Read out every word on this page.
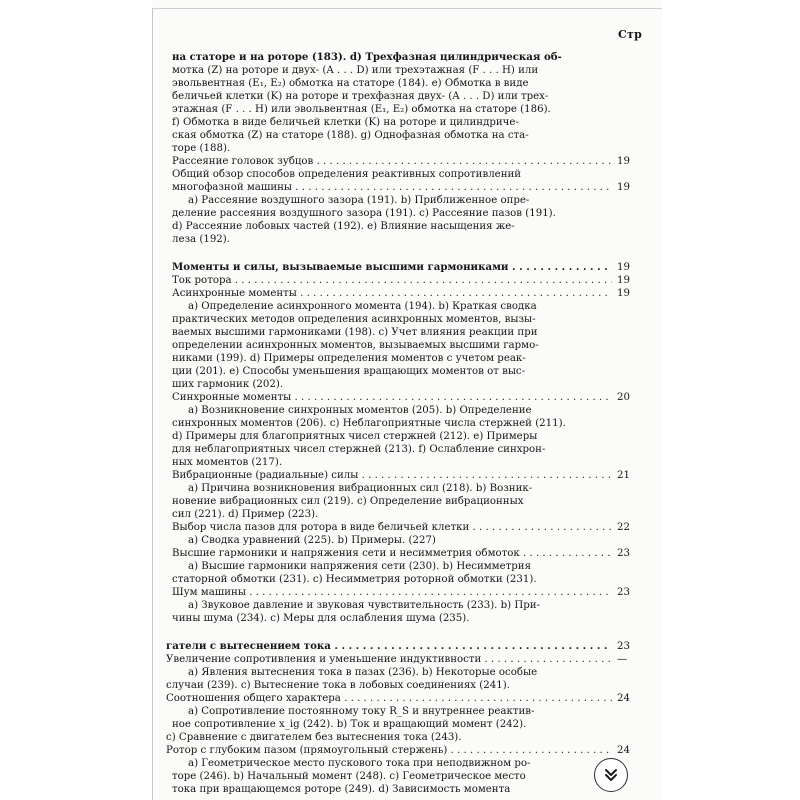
Стр
на статоре и на роторе (183). d) Трехфазная цилиндрическая об-
мотка (Z) на роторе и двух- (A . . . D) или трехэтажная (F . . . H) или
эвольвентная (E₁, E₂) обмотка на статоре (184). e) Обмотка в виде
беличьей клетки (K) на роторе и трехфазная двух- (A . . . D) или трех-
этажная (F . . . H) или эвольвентная (E₁, E₂) обмотка на статоре (186).
f) Обмотка в виде беличьей клетки (K) на роторе и цилиндриче-
ская обмотка (Z) на статоре (188). g) Однофазная обмотка на ста-
торе (188).
Рассеяние головок зубцов . . .
Общий обзор способов определения реактивных сопротивлений
многофазной машины . . .
a) Рассеяние воздушного зазора (191). b) Приближенное опре-
деление рассеяния воздушного зазора (191). c) Рассеяние пазов (191).
d) Рассеяние лобовых частей (192). e) Влияние насыщения же-
леза (192).
Моменты и силы, вызываемые высшими гармониками . . .
Ток ротора . . .
Асинхронные моменты . . .
a) Определение асинхронного момента (194). b) Краткая сводка
практических методов определения асинхронных моментов, вызы-
ваемых высшими гармониками (198). c) Учет влияния реакции при
определении асинхронных моментов, вызываемых высшими гармо-
никами (199). d) Примеры определения моментов с учетом реак-
ции (201). e) Способы уменьшения вращающих моментов от выс-
ших гармоник (202).
Синхронные моменты . . .
a) Возникновение синхронных моментов (205). b) Определение
синхронных моментов (206). c) Неблагоприятные числа стержней (211).
d) Примеры для благоприятных чисел стержней (212). e) Примеры
для неблагоприятных чисел стержней (213). f) Ослабление синхрон-
ных моментов (217).
Вибрационные (радиальные) силы . . .
a) Причина возникновения вибрационных сил (218). b) Возник-
новение вибрационных сил (219). c) Определение вибрационных
сил (221). d) Пример (223).
Выбор числа пазов для ротора в виде беличьей клетки . . .
a) Сводка уравнений (225). b) Примеры. (227)
Высшие гармоники и напряжения сети и несимметрия обмоток . . .
a) Высшие гармоники напряжения сети (230). b) Несимметрия
статорной обмотки (231). c) Несимметрия роторной обмотки (231).
Шум машины . . .
a) Звуковое давление и звуковая чувствительность (233). b) При-
чины шума (234). c) Меры для ослабления шума (235).
гатели с вытеснением тока . . .
Увеличение сопротивления и уменьшение индуктивности . . .
a) Явления вытеснения тока в пазах (236). b) Некоторые особые
случаи (239). c) Вытеснение тока в лобовых соединениях (241).
Соотношения общего характера . . .
a) Сопротивление постоянному току R_S и внутреннее реактив-
ное сопротивление x_ig (242). b) Ток и вращающий момент (242).
c) Сравнение с двигателем без вытеснения тока (243).
Ротор с глубоким пазом (прямоугольный стержень) . . .
a) Геометрическое место пускового тока при неподвижном ро-
торе (246). b) Начальный момент (248). c) Геометрическое место
тока при вращающемся роторе (249). d) Зависимость момента
19
19
19
19
19
20
21
22
23
23
23
—
24
24
